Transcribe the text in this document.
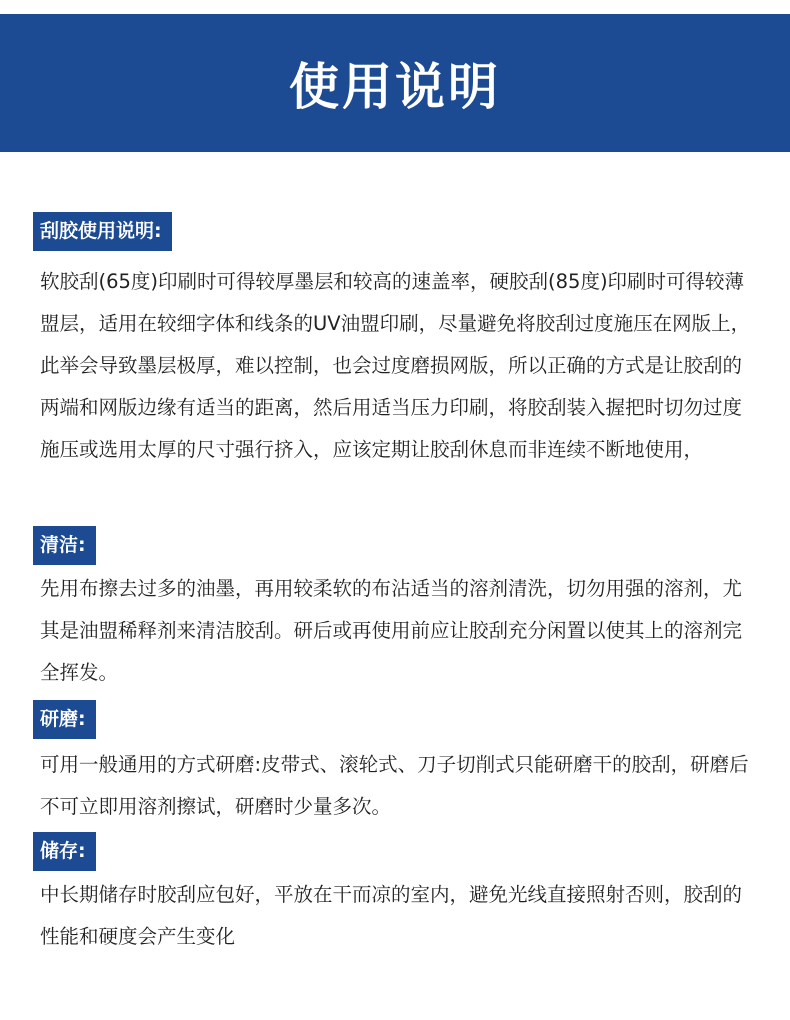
使用说明
刮胶使用说明:
软胶刮(65度)印刷时可得较厚墨层和较高的速盖率，硬胶刮(85度)印刷时可得较薄盟层，适用在较细字体和线条的UV油盟印刷，尽量避免将胶刮过度施压在网版上，此举会导致墨层极厚，难以控制，也会过度磨损网版，所以正确的方式是让胶刮的两端和网版边缘有适当的距离，然后用适当压力印刷，将胶刮装入握把时切勿过度施压或选用太厚的尺寸强行挤入，应该定期让胶刮休息而非连续不断地使用，
清洁:
先用布擦去过多的油墨，再用较柔软的布沾适当的溶剂清洗，切勿用强的溶剂，尤其是油盟稀释剂来清洁胶刮。研后或再使用前应让胶刮充分闲置以使其上的溶剂完全挥发。
研磨:
可用一般通用的方式研磨:皮带式、滚轮式、刀子切削式只能研磨干的胶刮，研磨后不可立即用溶剂擦试，研磨时少量多次。
储存:
中长期储存时胶刮应包好，平放在干而凉的室内，避免光线直接照射否则，胶刮的性能和硬度会产生变化
